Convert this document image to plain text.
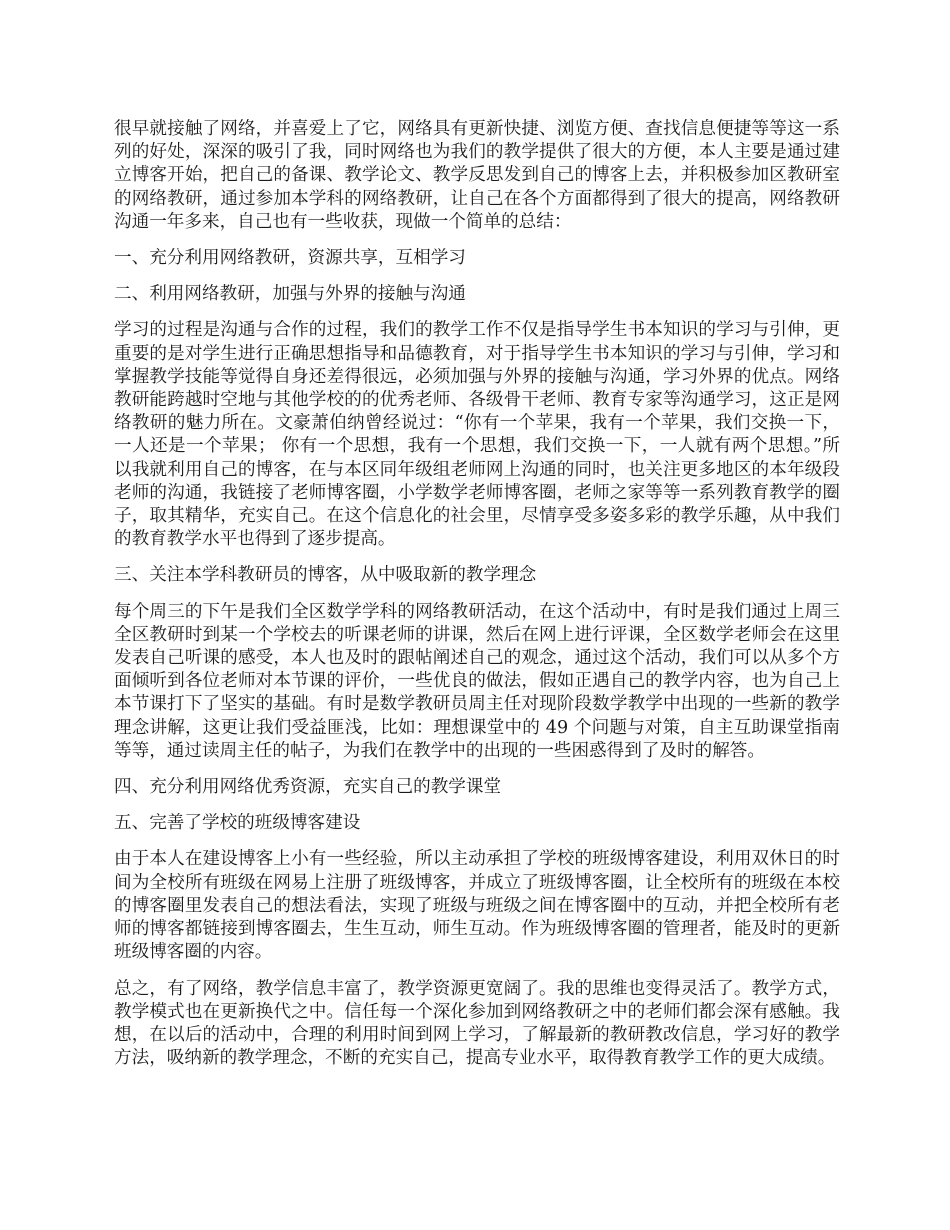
很早就接触了网络，并喜爱上了它，网络具有更新快捷、浏览方便、查找信息便捷等等这一系列的好处，深深的吸引了我，同时网络也为我们的教学提供了很大的方便，本人主要是通过建立博客开始，把自己的备课、教学论文、教学反思发到自己的博客上去，并积极参加区教研室的网络教研，通过参加本学科的网络教研，让自己在各个方面都得到了很大的提高，网络教研沟通一年多来，自己也有一些收获，现做一个简单的总结：

一、充分利用网络教研，资源共享，互相学习

二、利用网络教研，加强与外界的接触与沟通

学习的过程是沟通与合作的过程，我们的教学工作不仅是指导学生书本知识的学习与引伸，更重要的是对学生进行正确思想指导和品德教育，对于指导学生书本知识的学习与引伸，学习和掌握教学技能等觉得自身还差得很远，必须加强与外界的接触与沟通，学习外界的优点。网络教研能跨越时空地与其他学校的的优秀老师、各级骨干老师、教育专家等沟通学习，这正是网络教研的魅力所在。文豪萧伯纳曾经说过：“你有一个苹果，我有一个苹果，我们交换一下，一人还是一个苹果； 你有一个思想，我有一个思想，我们交换一下，一人就有两个思想。”所以我就利用自己的博客，在与本区同年级组老师网上沟通的同时，也关注更多地区的本年级段老师的沟通，我链接了老师博客圈，小学数学老师博客圈，老师之家等等一系列教育教学的圈子，取其精华，充实自己。在这个信息化的社会里，尽情享受多姿多彩的教学乐趣，从中我们的教育教学水平也得到了逐步提高。

三、关注本学科教研员的博客，从中吸取新的教学理念

每个周三的下午是我们全区数学学科的网络教研活动，在这个活动中，有时是我们通过上周三全区教研时到某一个学校去的听课老师的讲课，然后在网上进行评课，全区数学老师会在这里发表自己听课的感受，本人也及时的跟帖阐述自己的观念，通过这个活动，我们可以从多个方面倾听到各位老师对本节课的评价，一些优良的做法，假如正遇自己的教学内容，也为自己上本节课打下了坚实的基础。有时是数学教研员周主任对现阶段数学教学中出现的一些新的教学理念讲解，这更让我们受益匪浅，比如：理想课堂中的 49 个问题与对策，自主互助课堂指南等等，通过读周主任的帖子，为我们在教学中的出现的一些困惑得到了及时的解答。

四、充分利用网络优秀资源，充实自己的教学课堂

五、完善了学校的班级博客建设

由于本人在建设博客上小有一些经验，所以主动承担了学校的班级博客建设，利用双休日的时间为全校所有班级在网易上注册了班级博客，并成立了班级博客圈，让全校所有的班级在本校的博客圈里发表自己的想法看法，实现了班级与班级之间在博客圈中的互动，并把全校所有老师的博客都链接到博客圈去，生生互动，师生互动。作为班级博客圈的管理者，能及时的更新班级博客圈的内容。

总之，有了网络，教学信息丰富了，教学资源更宽阔了。我的思维也变得灵活了。教学方式，教学模式也在更新换代之中。信任每一个深化参加到网络教研之中的老师们都会深有感触。我想，在以后的活动中，合理的利用时间到网上学习，了解最新的教研教改信息，学习好的教学方法，吸纳新的教学理念，不断的充实自己，提高专业水平，取得教育教学工作的更大成绩。
